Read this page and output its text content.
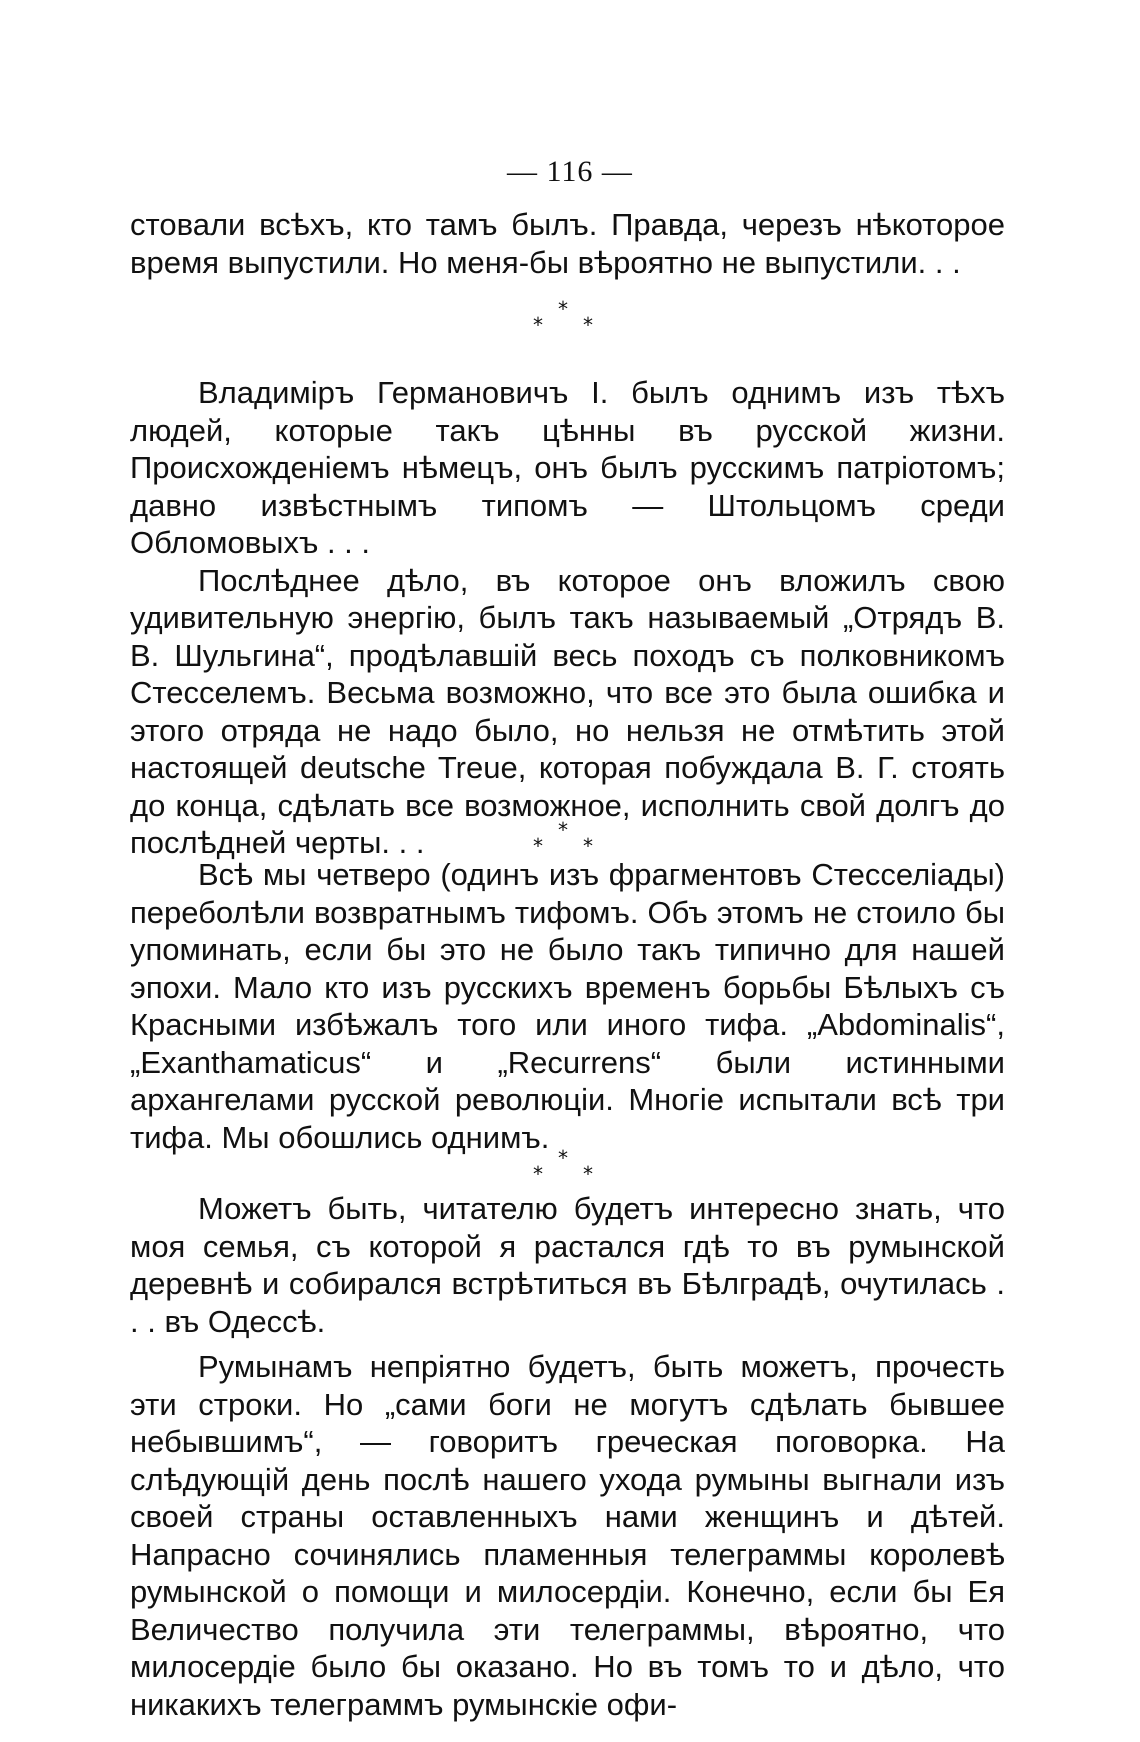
— 116 —

стовали всѣхъ, кто тамъ былъ. Правда, черезъ нѣкоторое время выпустили. Но меня-бы вѣроятно не выпустили. . .

*
* *

Владиміръ Германовичъ I. былъ однимъ изъ тѣхъ людей, которые такъ цѣнны въ русской жизни. Происхожденіемъ нѣмецъ, онъ былъ русскимъ патріотомъ; давно извѣстнымъ типомъ — Штольцомъ среди Обломовыхъ . . .

Послѣднее дѣло, въ которое онъ вложилъ свою удивительную энергію, былъ такъ называемый „Отрядъ В. В. Шульгина“, продѣлавшій весь походъ съ полковникомъ Стесселемъ. Весьма возможно, что все это была ошибка и этого отряда не надо было, но нельзя не отмѣтить этой настоящей deutsche Treue, которая побуждала В. Г. стоять до конца, сдѣлать все возможное, исполнить свой долгъ до послѣдней черты. . .	*
* *

Всѣ мы четверо (одинъ изъ фрагментовъ Стесселіады) переболѣли возвратнымъ тифомъ. Объ этомъ не стоило бы упоминать, если бы это не было такъ типично для нашей эпохи. Мало кто изъ русскихъ временъ борьбы Бѣлыхъ съ Красными избѣжалъ того или иного тифа. „Abdominalis“, „Exanthamaticus“ и „Recurrens“ были истинными архангелами русской революціи. Многіе испытали всѣ три тифа. Мы обошлись однимъ.

*
* *

Можетъ быть, читателю будетъ интересно знать, что моя семья, съ которой я растался гдѣ то въ румынской деревнѣ и собирался встрѣтиться въ Бѣлградѣ, очутилась . . . въ Одессѣ.

Румынамъ непріятно будетъ, быть можетъ, прочесть эти строки. Но „сами боги не могутъ сдѣлать бывшее небывшимъ“, — говоритъ греческая поговорка. На слѣдующій день послѣ нашего ухода румыны выгнали изъ своей страны оставленныхъ нами женщинъ и дѣтей. Напрасно сочинялись пламенныя телеграммы королевѣ румынской о помощи и милосердіи. Конечно, если бы Ея Величество получила эти телеграммы, вѣроятно, что милосердіе было бы оказано. Но въ томъ то и дѣло, что никакихъ телеграммъ румынскіе офи-
